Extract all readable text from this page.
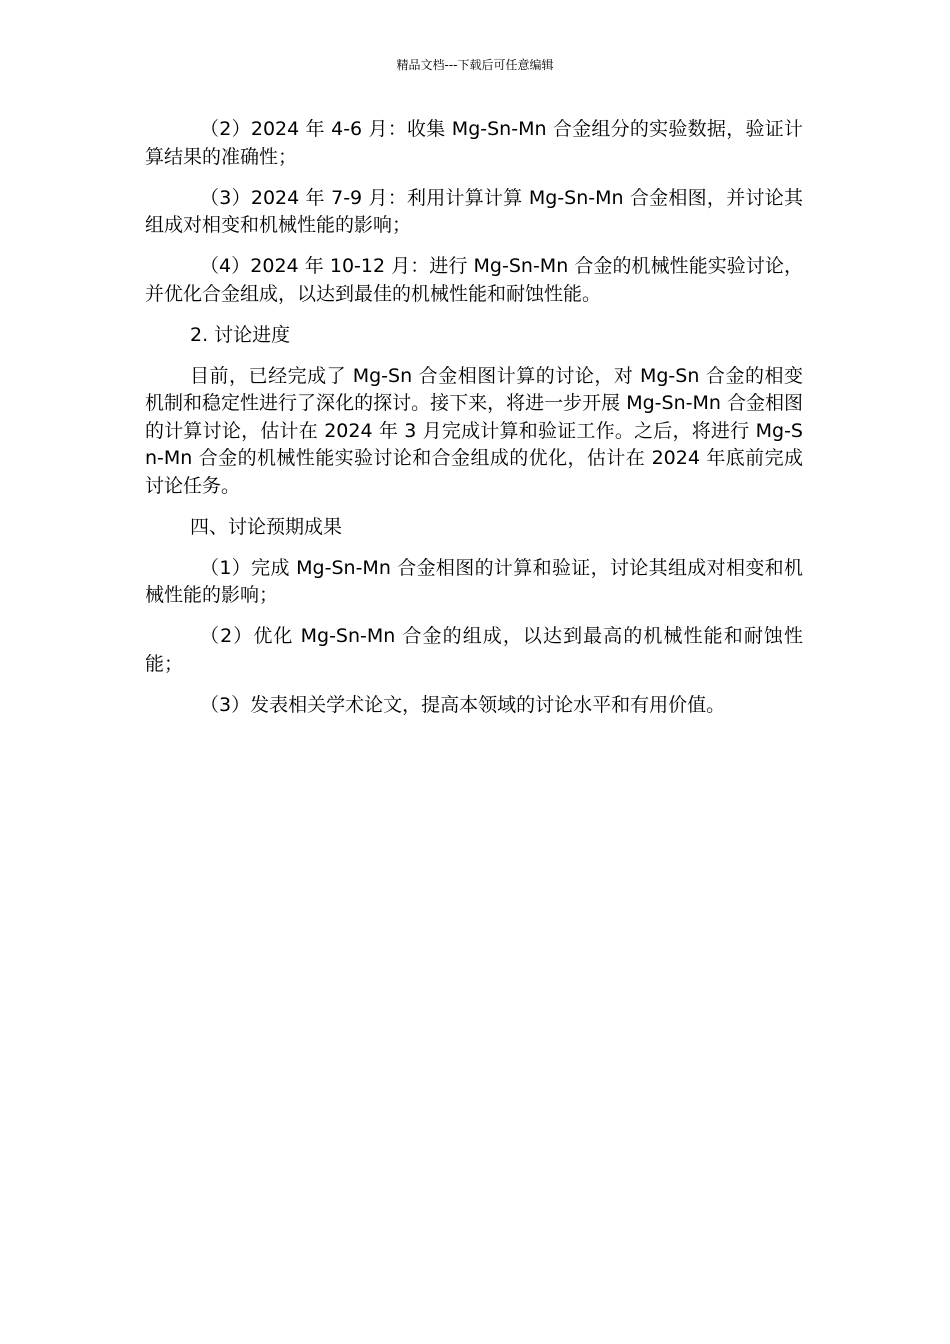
精品文档---下载后可任意编辑

（2）2024 年 4-6 月：收集 Mg-Sn-Mn 合金组分的实验数据，验证计算结果的准确性；

（3）2024 年 7-9 月：利用计算计算 Mg-Sn-Mn 合金相图，并讨论其组成对相变和机械性能的影响；

（4）2024 年 10-12 月：进行 Mg-Sn-Mn 合金的机械性能实验讨论，并优化合金组成，以达到最佳的机械性能和耐蚀性能。

2. 讨论进度

目前，已经完成了 Mg-Sn 合金相图计算的讨论，对 Mg-Sn 合金的相变机制和稳定性进行了深化的探讨。接下来，将进一步开展 Mg-Sn-Mn 合金相图的计算讨论，估计在 2024 年 3 月完成计算和验证工作。之后，将进行 Mg-Sn-Mn 合金的机械性能实验讨论和合金组成的优化，估计在 2024 年底前完成讨论任务。

四、讨论预期成果

（1）完成 Mg-Sn-Mn 合金相图的计算和验证，讨论其组成对相变和机械性能的影响；

（2）优化 Mg-Sn-Mn 合金的组成，以达到最高的机械性能和耐蚀性能；

（3）发表相关学术论文，提高本领域的讨论水平和有用价值。
